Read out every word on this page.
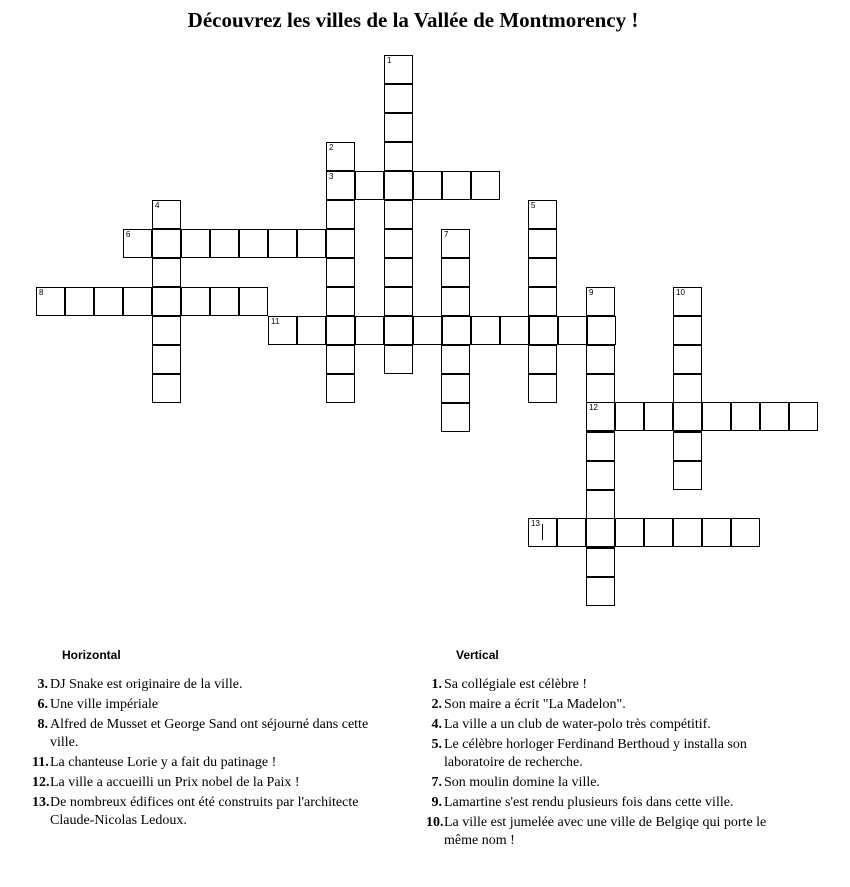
Découvrez les villes de la Vallée de Montmorency !
1
2
3
4	5
6	7
8	9	10
11
12
13
Horizontal	Vertical
3. DJ Snake est originaire de la ville.
6. Une ville impériale
8. Alfred de Musset et George Sand ont séjourné dans cette ville.
11. La chanteuse Lorie y a fait du patinage !
12. La ville a accueilli un Prix nobel de la Paix !
13. De nombreux édifices ont été construits par l'architecte Claude-Nicolas Ledoux.
1. Sa collégiale est célèbre !
2. Son maire a écrit "La Madelon".
4. La ville a un club de water-polo très compétitif.
5. Le célèbre horloger Ferdinand Berthoud y installa son laboratoire de recherche.
7. Son moulin domine la ville.
9. Lamartine s'est rendu plusieurs fois dans cette ville.
10. La ville est jumelée avec une ville de Belgiqe qui porte le même nom !
